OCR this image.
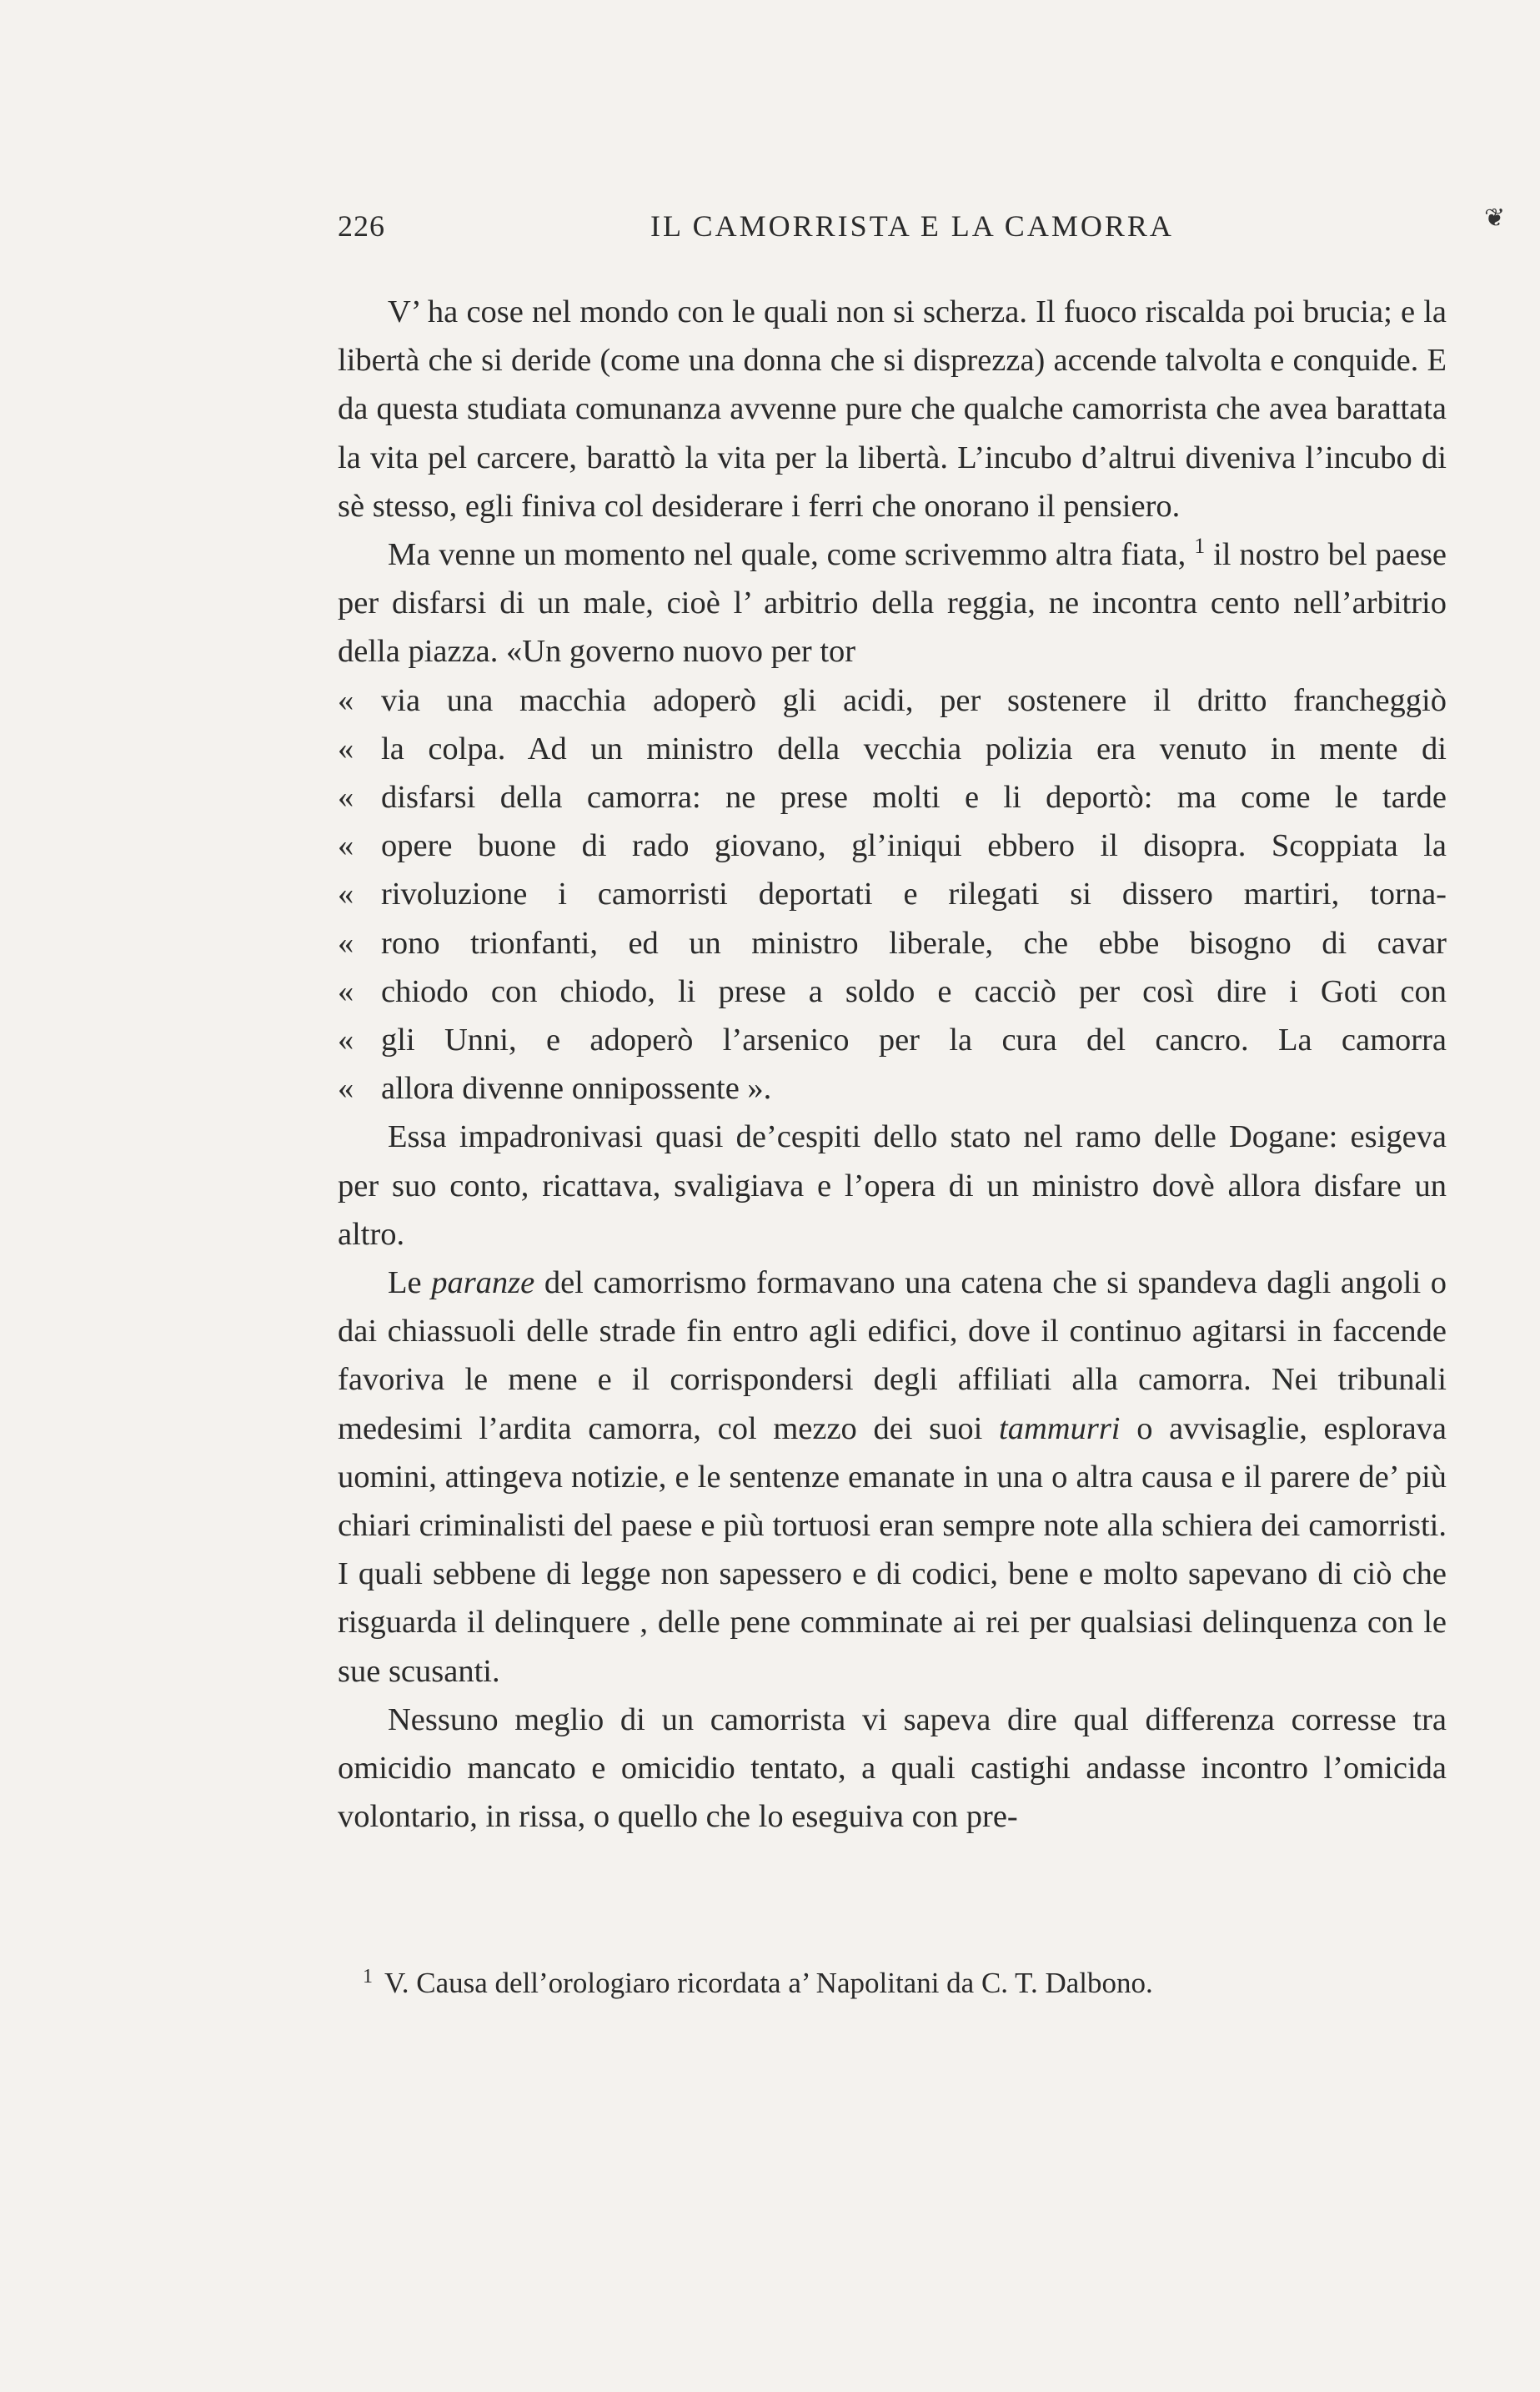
226	IL CAMORRISTA E LA CAMORRA	❦

V’ ha cose nel mondo con le quali non si scherza. Il fuoco riscalda poi brucia; e la libertà che si deride (come una donna che si disprezza) accende talvolta e conquide. E da questa studiata comunanza avvenne pure che qualche camorrista che avea barattata la vita pel carcere, barattò la vita per la libertà. L’incubo d’altrui diveniva l’incubo di sè stesso, egli finiva col desiderare i ferri che onorano il pensiero.

Ma venne un momento nel quale, come scrivemmo altra fiata, $^1$ il nostro bel paese per disfarsi di un male, cioè l’ arbitrio della reggia, ne incontra cento nell’arbitrio della piazza. «Un governo nuovo per tor

« via una macchia adoperò gli acidi, per sostenere il dritto francheggiò
« la colpa. Ad un ministro della vecchia polizia era venuto in mente di
« disfarsi della camorra: ne prese molti e li deportò: ma come le tarde
« opere buone di rado giovano, gl’iniqui ebbero il disopra. Scoppiata la
« rivoluzione i camorristi deportati e rilegati si dissero martiri, torna-
« rono trionfanti, ed un ministro liberale, che ebbe bisogno di cavar
« chiodo con chiodo, li prese a soldo e cacciò per così dire i Goti con
« gli Unni, e adoperò l’arsenico per la cura del cancro. La camorra
« allora divenne onnipossente ».

Essa impadronivasi quasi de’cespiti dello stato nel ramo delle Dogane: esigeva per suo conto, ricattava, svaligiava e l’opera di un ministro dovè allora disfare un altro.

Le paranze del camorrismo formavano una catena che si spandeva dagli angoli o dai chiassuoli delle strade fin entro agli edifici, dove il continuo agitarsi in faccende favoriva le mene e il corrispondersi degli affiliati alla camorra. Nei tribunali medesimi l’ardita camorra, col mezzo dei suoi tammurri o avvisaglie, esplorava uomini, attingeva notizie, e le sentenze emanate in una o altra causa e il parere de’ più chiari criminalisti del paese e più tortuosi eran sempre note alla schiera dei camorristi. I quali sebbene di legge non sapessero e di codici, bene e molto sapevano di ciò che risguarda il delinquere , delle pene comminate ai rei per qualsiasi delinquenza con le sue scusanti.

Nessuno meglio di un camorrista vi sapeva dire qual differenza corresse tra omicidio mancato e omicidio tentato, a quali castighi andasse incontro l’omicida volontario, in rissa, o quello che lo eseguiva con pre-

$^1$ V. Causa dell’orologiaro ricordata a’ Napolitani da C. T. Dalbono.
